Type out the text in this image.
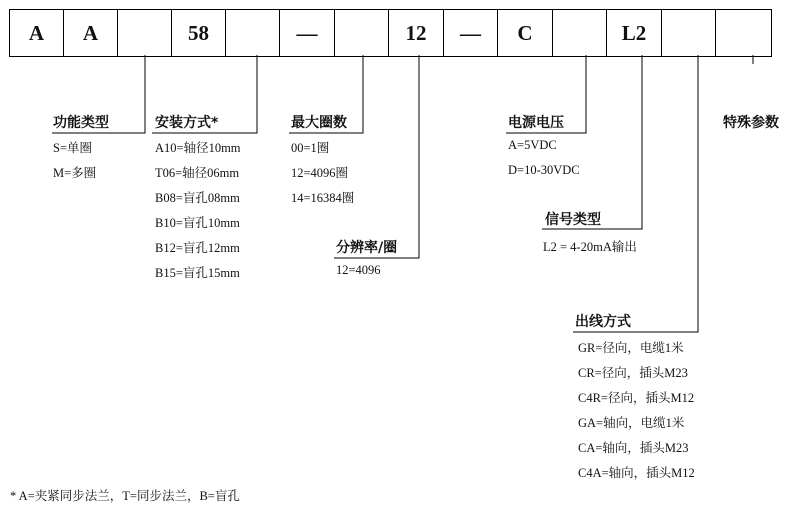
A	A	58	—	12	—	C	L2
功能类型
S=单圈
M=多圈
安装方式*
A10=轴径10mm
T06=轴径06mm
B08=盲孔08mm
B10=盲孔10mm
B12=盲孔12mm
B15=盲孔15mm
最大圈数
00=1圈
12=4096圈
14=16384圈
分辨率/圈
12=4096
电源电压
A=5VDC
D=10-30VDC
信号类型
L2 = 4-20mA输出
出线方式
GR=径向，电缆1米
CR=径向，插头M23
C4R=径向，插头M12
GA=轴向，电缆1米
CA=轴向，插头M23
C4A=轴向，插头M12
特殊参数
* A=夹紧同步法兰，T=同步法兰，B=盲孔
